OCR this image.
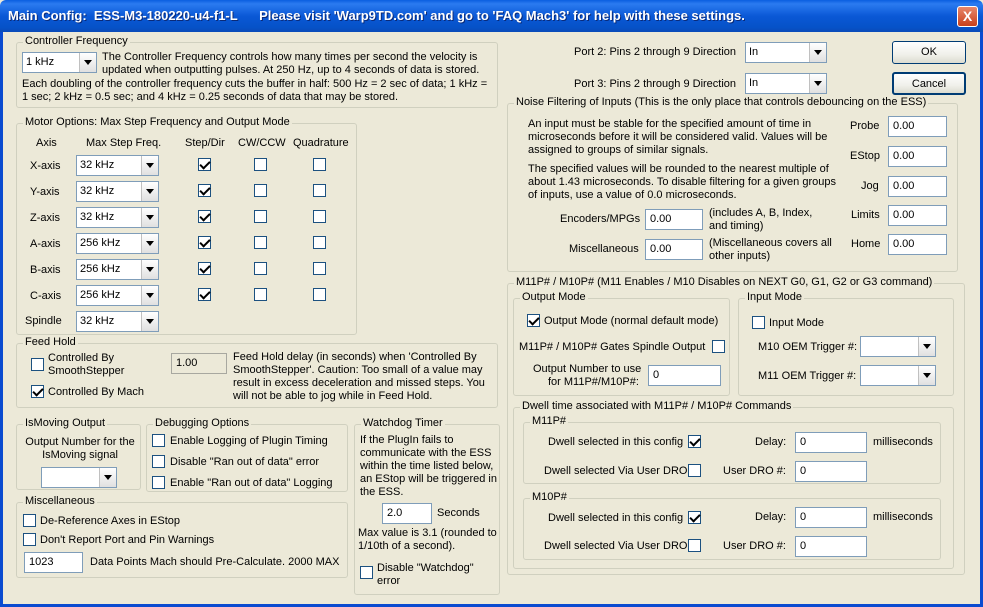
Main Config:  ESS-M3-180220-u4-f1-L      Please visit 'Warp9TD.com' and go to 'FAQ Mach3' for help with these settings.	X
Controller Frequency
1 kHz	The Controller Frequency controls how many times per second the velocity is updated when outputting pulses. At 250 Hz, up to 4 seconds of data is stored.
Each doubling of the controller frequency cuts the buffer in half: 500 Hz = 2 sec of data; 1 kHz = 1 sec; 2 kHz = 0.5 sec; and 4 kHz = 0.25 seconds of data that may be stored.
Motor Options: Max Step Frequency and Output Mode
Axis	Max Step Freq. Step/Dir CW/CCW Quadrature
X-axis	32 kHz
Y-axis	32 kHz
Z-axis	32 kHz
A-axis	256 kHz
B-axis	256 kHz
C-axis	256 kHz
Spindle	32 kHz
Feed Hold
Controlled By SmoothStepper
Controlled By Mach
1.00	Feed Hold delay (in seconds) when 'Controlled By SmoothStepper'. Caution: Too small of a value may result in excess deceleration and missed steps. You will not be able to jog while in Feed Hold.
IsMoving Output
Output Number for the IsMoving signal
Debugging Options
Enable Logging of Plugin Timing
Disable "Ran out of data" error
Enable "Ran out of data" Logging
Miscellaneous
De-Reference Axes in EStop
Don't Report Port and Pin Warnings
1023	Data Points Mach should Pre-Calculate. 2000 MAX
Watchdog Timer
If the PlugIn fails to communicate with the ESS within the time listed below, an EStop will be triggered in the ESS.
2.0	Seconds
Max value is 3.1 (rounded to 1/10th of a second).
Disable "Watchdog" error
Port 2: Pins 2 through 9 Direction	In
Port 3: Pins 2 through 9 Direction	In
OK
Cancel
Noise Filtering of Inputs (This is the only place that controls debouncing on the ESS)
An input must be stable for the specified amount of time in microseconds before it will be considered valid. Values will be assigned to groups of similar signals.
The specified values will be rounded to the nearest multiple of about 1.43 microseconds. To disable filtering for a given groups of inputs, use a value of 0.0 microseconds.
Encoders/MPGs 0.00	(includes A, B, Index, and timing)
Miscellaneous	0.00	(Miscellaneous covers all other inputs)
Probe	0.00
EStop	0.00
Jog	0.00
Limits	0.00
Home	0.00
M11P# / M10P# (M11 Enables / M10 Disables on NEXT G0, G1, G2 or G3 command)
Output Mode
Output Mode (normal default mode)
M11P# / M10P# Gates Spindle Output
Output Number to use
for M11P#/M10P#:
0
Input Mode
Input Mode
M10 OEM Trigger #:
M11 OEM Trigger #:
Dwell time associated with M11P# / M10P# Commands
M11P#
Dwell selected in this config
Dwell selected Via User DRO
Delay:	0	milliseconds
User DRO #:	0
M10P#
Dwell selected in this config
Dwell selected Via User DRO
Delay:	0	milliseconds
User DRO #:	0
